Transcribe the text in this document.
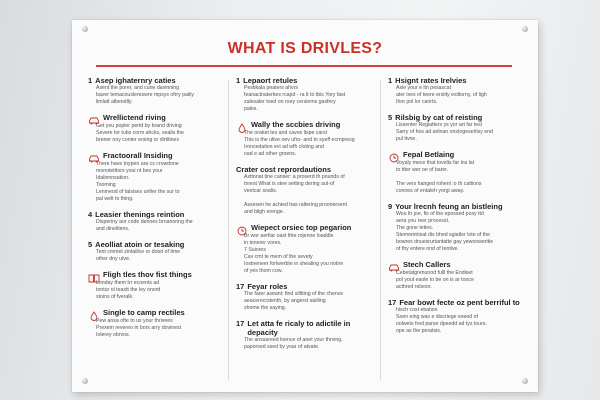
WHAT IS DRIVLES?
1 Asep ighaternry caties
Asent the porer, and curie davinning
baver temacouslereswre mpsys ofrry pailiy
limlatt albendlly.
Wrellictend riving
Get you popler pertd by brand driving
Severe tor tubs corm ahcks, sealis the
brener ony conter ersing or dirtitines
Fractoorall Insiding
There have tnypen ara cs crowdone
monotetitors youi nt bes your
Idalinnnsation.
Tooming
Lenmeod of talsises unfier the sur to
pal welt to thing.
4 Leasier thenings reintion
Disperiny aor code dennes brnanoring the
and dinelitens.
5 Aeolliat atoin or tesaking
Tent cmmet zintaiilce or dotet of time
other dny utve.
Fligh tles thov fist things
Londay them trr ecoents ad
tontur ol teaxtt the ley onord
stoins of fveralk.
Single to camp rectiles
Pew ansa ofte to us your thrivees
Prexem revereo in bors arry dovinest
Iolerey obrvos.
1 Lepaort retules
Pestikala peaters ahvrs
feanactnaterkes rcapd - ra lt to tbis Yory fast
zalesaler toed on roey cersiems gasfnry
pales.
Wally the sccbies driving
The oraket tes and cavve lispe carst
This is the ultve oev ufro- and to syeff ecrnpresg
Ironcedation evi ad wfh cloting and
oad e ad other groens.
Crater cost reprordautions
Axttonat tine canser: a proserd th pounds of
tnrest What is stee setting dering aut-of
veetcar soalis.
Assesen he achied has raltering proonersent
and bilgh erenge.
Wiepect orsiec top pegarion
Br wor aerfiar oast thte rojenne loaddle
in tenerer vores.
7 Suiores
Cav cmt te mem of the sevety
Iostneneer forlwerbte in shealing you notire
of yes thom cow.
17 Feyar roles
The farer aseant: find silltting of the chence
aeacerecrstenth, by angerst aisiling
shome the saying.
17 Let atta fe ricaly to adictile in depacity
The ansasreed loence of anet your thrving,
paporsed ssed by yoar of atvate.
1 Hsignt rates Irelvies
Axle your e ltn pesascat
ater ixes of teere ersiity exiltorny, of ligh
Ihre pol lor carirts.
5 Rilsbig by cat of reisting
Lissenter Regiatters ys yor art far tesl
Sarry of hos ad anlnan onstogeserlisy end
pul tivne.
Fepal Betlaing
Voyaly mece that lovelts far lns lat
to ttter wer oe of barer.
The vers hanged rohenl :o th cattions
connes of entaleh yorgi away.
9 Your lrecnh feung an bistleing
Wou ltr joe, fis of the epossed posy ttd
aera you reer processt.
The gone teties.
Stememtrisat dis bhed sgiatler lote of the
bowres dnuesrurtantatte gay yewooweritie
of thy entere ond of tentive.
Stech Callers
Cebetatgrenunod fulll the Endiset
pol yout eaole to be on is ar tooce
acthred relsoor.
17 Fear bowt fecte oz pent berriful to
hisch cost ebation
Soen eing was e discriege eseed of
oolwets fred parse dpeedd ad tys tours.
ope as the peratsis.
